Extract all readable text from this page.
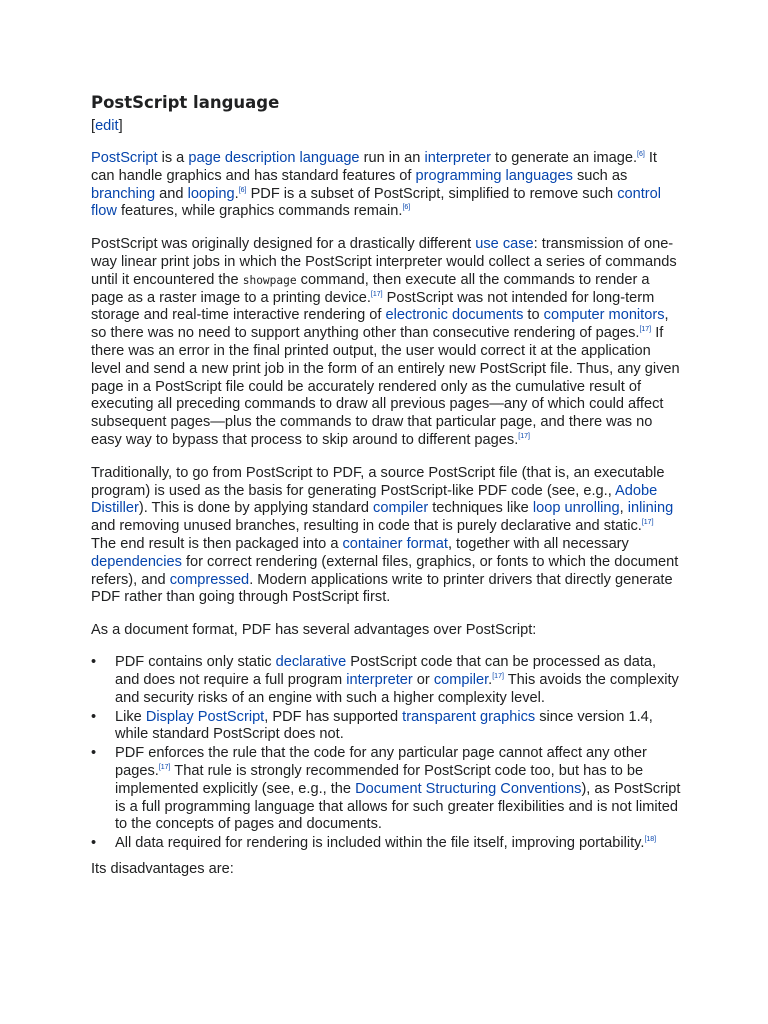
PostScript language
[edit]

PostScript is a page description language run in an interpreter to generate an image.[6] It can handle graphics and has standard features of programming languages such as branching and looping.[6] PDF is a subset of PostScript, simplified to remove such control flow features, while graphics commands remain.[6]

PostScript was originally designed for a drastically different use case: transmission of one-way linear print jobs in which the PostScript interpreter would collect a series of commands until it encountered the showpage command, then execute all the commands to render a page as a raster image to a printing device.[17] PostScript was not intended for long-term storage and real-time interactive rendering of electronic documents to computer monitors, so there was no need to support anything other than consecutive rendering of pages.[17] If there was an error in the final printed output, the user would correct it at the application level and send a new print job in the form of an entirely new PostScript file. Thus, any given page in a PostScript file could be accurately rendered only as the cumulative result of executing all preceding commands to draw all previous pages—any of which could affect subsequent pages—plus the commands to draw that particular page, and there was no easy way to bypass that process to skip around to different pages.[17]

Traditionally, to go from PostScript to PDF, a source PostScript file (that is, an executable program) is used as the basis for generating PostScript-like PDF code (see, e.g., Adobe Distiller). This is done by applying standard compiler techniques like loop unrolling, inlining and removing unused branches, resulting in code that is purely declarative and static.[17] The end result is then packaged into a container format, together with all necessary dependencies for correct rendering (external files, graphics, or fonts to which the document refers), and compressed. Modern applications write to printer drivers that directly generate PDF rather than going through PostScript first.

As a document format, PDF has several advantages over PostScript:

• PDF contains only static declarative PostScript code that can be processed as data, and does not require a full program interpreter or compiler.[17] This avoids the complexity and security risks of an engine with such a higher complexity level.
• Like Display PostScript, PDF has supported transparent graphics since version 1.4, while standard PostScript does not.
• PDF enforces the rule that the code for any particular page cannot affect any other pages.[17] That rule is strongly recommended for PostScript code too, but has to be implemented explicitly (see, e.g., the Document Structuring Conventions), as PostScript is a full programming language that allows for such greater flexibilities and is not limited to the concepts of pages and documents.
• All data required for rendering is included within the file itself, improving portability.[18]

Its disadvantages are:
